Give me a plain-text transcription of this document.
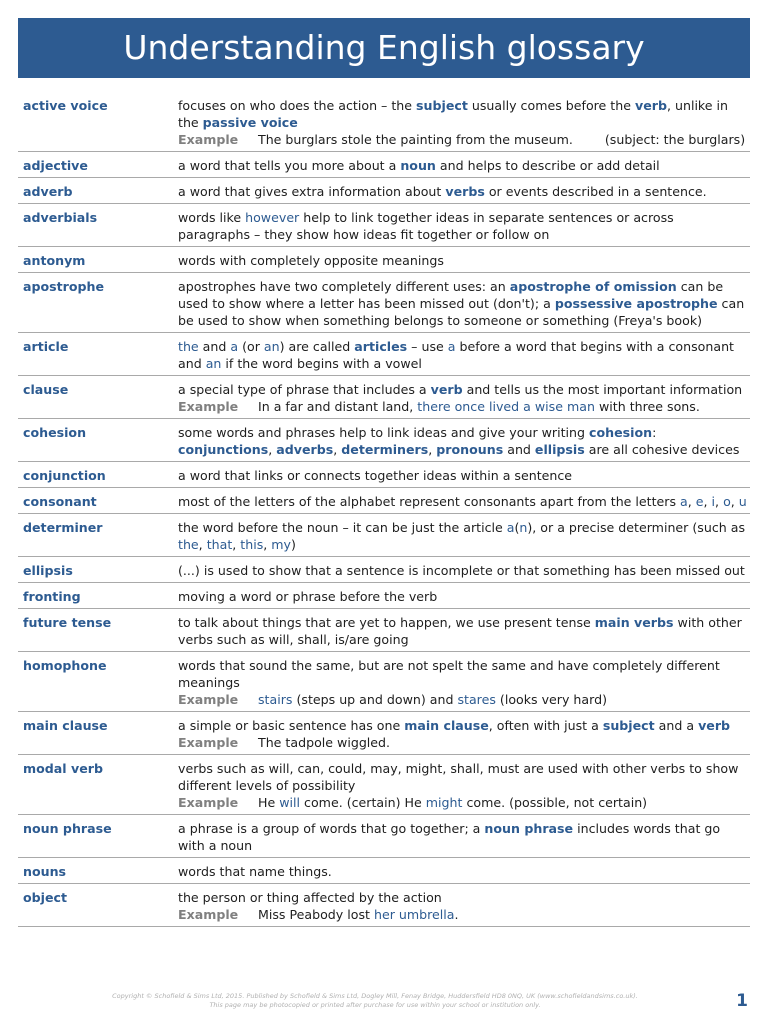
Understanding English glossary
active voice	focuses on who does the action – the subject usually comes before the verb, unlike in the passive voice

Example The burglars stole the painting from the museum.        (subject: the burglars)

adjective	a word that tells you more about a noun and helps to describe or add detail

adverb	a word that gives extra information about verbs or events described in a sentence.

adverbials	words like however help to link together ideas in separate sentences or across paragraphs – they show how ideas fit together or follow on

antonym	words with completely opposite meanings

apostrophe	apostrophes have two completely different uses: an apostrophe of omission can be used to show where a letter has been missed out (don't); a possessive apostrophe can be used to show when something belongs to someone or something (Freya's book)

article	the and a (or an) are called articles – use a before a word that begins with a consonant and an if the word begins with a vowel

clause	a special type of phrase that includes a verb and tells us the most important information

Example In a far and distant land, there once lived a wise man with three sons.

cohesion	some words and phrases help to link ideas and give your writing cohesion: conjunctions, adverbs, determiners, pronouns and ellipsis are all cohesive devices

conjunction	a word that links or connects together ideas within a sentence

consonant	most of the letters of the alphabet represent consonants apart from the letters a, e, i, o, u

determiner	the word before the noun – it can be just the article a(n), or a precise determiner (such as the, that, this, my)

ellipsis	(...) is used to show that a sentence is incomplete or that something has been missed out

fronting	moving a word or phrase before the verb

future tense	to talk about things that are yet to happen, we use present tense main verbs with other verbs such as will, shall, is/are going

homophone	words that sound the same, but are not spelt the same and have completely different meanings

Example stairs (steps up and down) and stares (looks very hard)

main clause	a simple or basic sentence has one main clause, often with just a subject and a verb

Example The tadpole wiggled.

modal verb	verbs such as will, can, could, may, might, shall, must are used with other verbs to show different levels of possibility

Example He will come. (certain) He might come. (possible, not certain)

noun phrase	a phrase is a group of words that go together; a noun phrase includes words that go with a noun

nouns	words that name things.

object	the person or thing affected by the action

Example Miss Peabody lost her umbrella.

Copyright © Schofield & Sims Ltd, 2015. Published by Schofield & Sims Ltd, Dogley Mill, Fenay Bridge, Huddersfield HD8 0NQ, UK (www.schofieldandsims.co.uk).
This page may be photocopied or printed after purchase for use within your school or institution only.	1
